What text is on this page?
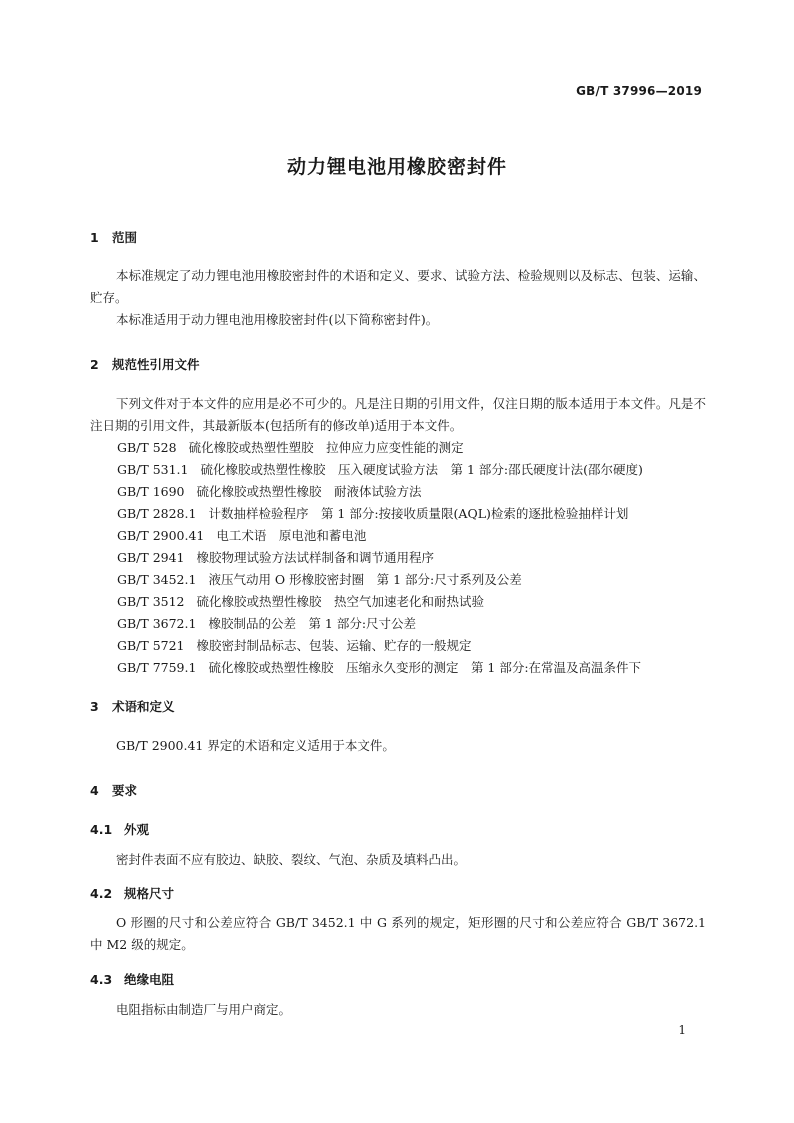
GB/T 37996—2019
动力锂电池用橡胶密封件
1 范围
本标准规定了动力锂电池用橡胶密封件的术语和定义、要求、试验方法、检验规则以及标志、包装、运输、贮存。
本标准适用于动力锂电池用橡胶密封件(以下简称密封件)。
2 规范性引用文件
下列文件对于本文件的应用是必不可少的。凡是注日期的引用文件，仅注日期的版本适用于本文件。凡是不注日期的引用文件，其最新版本(包括所有的修改单)适用于本文件。
GB/T 528 硫化橡胶或热塑性塑胶　拉伸应力应变性能的测定
GB/T 531.1 硫化橡胶或热塑性橡胶　压入硬度试验方法　第 1 部分:邵氏硬度计法(邵尔硬度)
GB/T 1690 硫化橡胶或热塑性橡胶　耐液体试验方法
GB/T 2828.1 计数抽样检验程序　第 1 部分:按接收质量限(AQL)检索的逐批检验抽样计划
GB/T 2900.41 电工术语　原电池和蓄电池
GB/T 2941 橡胶物理试验方法试样制备和调节通用程序
GB/T 3452.1 液压气动用 O 形橡胶密封圈　第 1 部分:尺寸系列及公差
GB/T 3512 硫化橡胶或热塑性橡胶　热空气加速老化和耐热试验
GB/T 3672.1 橡胶制品的公差　第 1 部分:尺寸公差
GB/T 5721 橡胶密封制品标志、包装、运输、贮存的一般规定
GB/T 7759.1 硫化橡胶或热塑性橡胶　压缩永久变形的测定　第 1 部分:在常温及高温条件下
3 术语和定义
GB/T 2900.41 界定的术语和定义适用于本文件。
4 要求
4.1 外观
密封件表面不应有胶边、缺胶、裂纹、气泡、杂质及填料凸出。
4.2 规格尺寸
O 形圈的尺寸和公差应符合 GB/T 3452.1 中 G 系列的规定，矩形圈的尺寸和公差应符合 GB/T 3672.1 中 M2 级的规定。
4.3 绝缘电阻
电阻指标由制造厂与用户商定。
1
